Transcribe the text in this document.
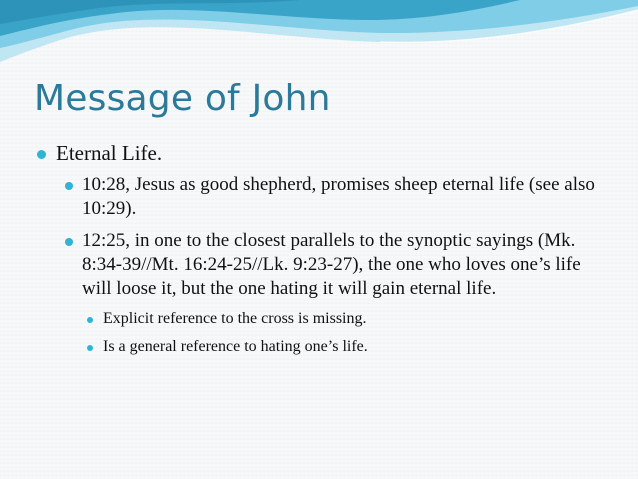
Message of John
Eternal Life.
10:28, Jesus as good shepherd, promises sheep eternal life (see also 10:29).
12:25, in one to the closest parallels to the synoptic sayings (Mk. 8:34-39//Mt. 16:24-25//Lk. 9:23-27), the one who loves one’s life will loose it, but the one hating it will gain eternal life.
Explicit reference to the cross is missing.
Is a general reference to hating one’s life.
